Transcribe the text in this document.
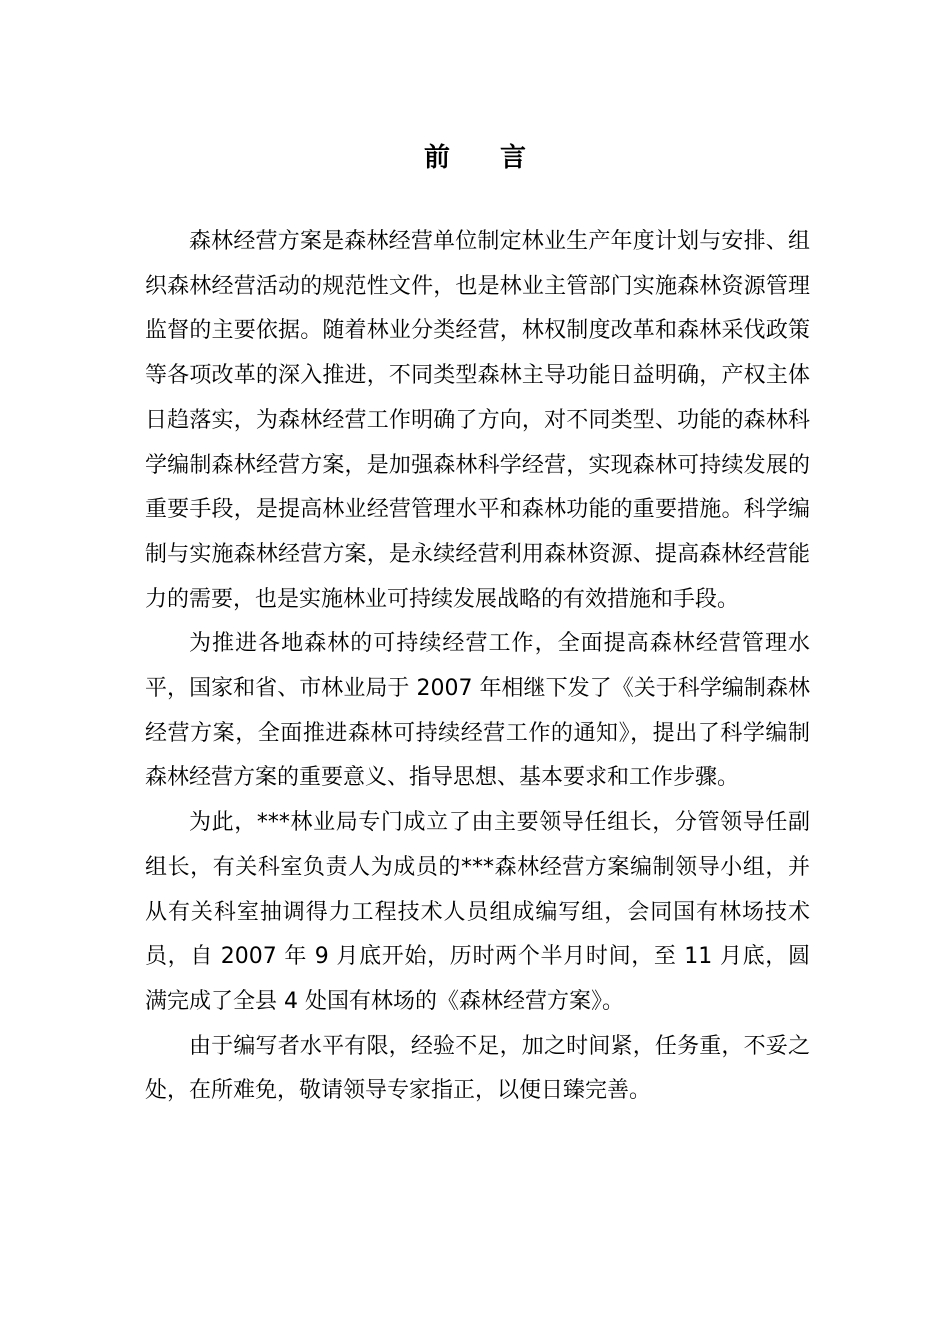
前言

森林经营方案是森林经营单位制定林业生产年度计划与安排、组织森林经营活动的规范性文件，也是林业主管部门实施森林资源管理监督的主要依据。随着林业分类经营，林权制度改革和森林采伐政策等各项改革的深入推进，不同类型森林主导功能日益明确，产权主体日趋落实，为森林经营工作明确了方向，对不同类型、功能的森林科学编制森林经营方案，是加强森林科学经营，实现森林可持续发展的重要手段，是提高林业经营管理水平和森林功能的重要措施。科学编制与实施森林经营方案，是永续经营利用森林资源、提高森林经营能力的需要，也是实施林业可持续发展战略的有效措施和手段。

为推进各地森林的可持续经营工作，全面提高森林经营管理水平，国家和省、市林业局于 2007 年相继下发了《关于科学编制森林经营方案，全面推进森林可持续经营工作的通知》，提出了科学编制森林经营方案的重要意义、指导思想、基本要求和工作步骤。

为此，***林业局专门成立了由主要领导任组长，分管领导任副组长，有关科室负责人为成员的***森林经营方案编制领导小组，并从有关科室抽调得力工程技术人员组成编写组，会同国有林场技术员，自 2007 年 9 月底开始，历时两个半月时间，至 11 月底，圆满完成了全县 4 处国有林场的《森林经营方案》。

由于编写者水平有限，经验不足，加之时间紧，任务重，不妥之处，在所难免，敬请领导专家指正，以便日臻完善。
